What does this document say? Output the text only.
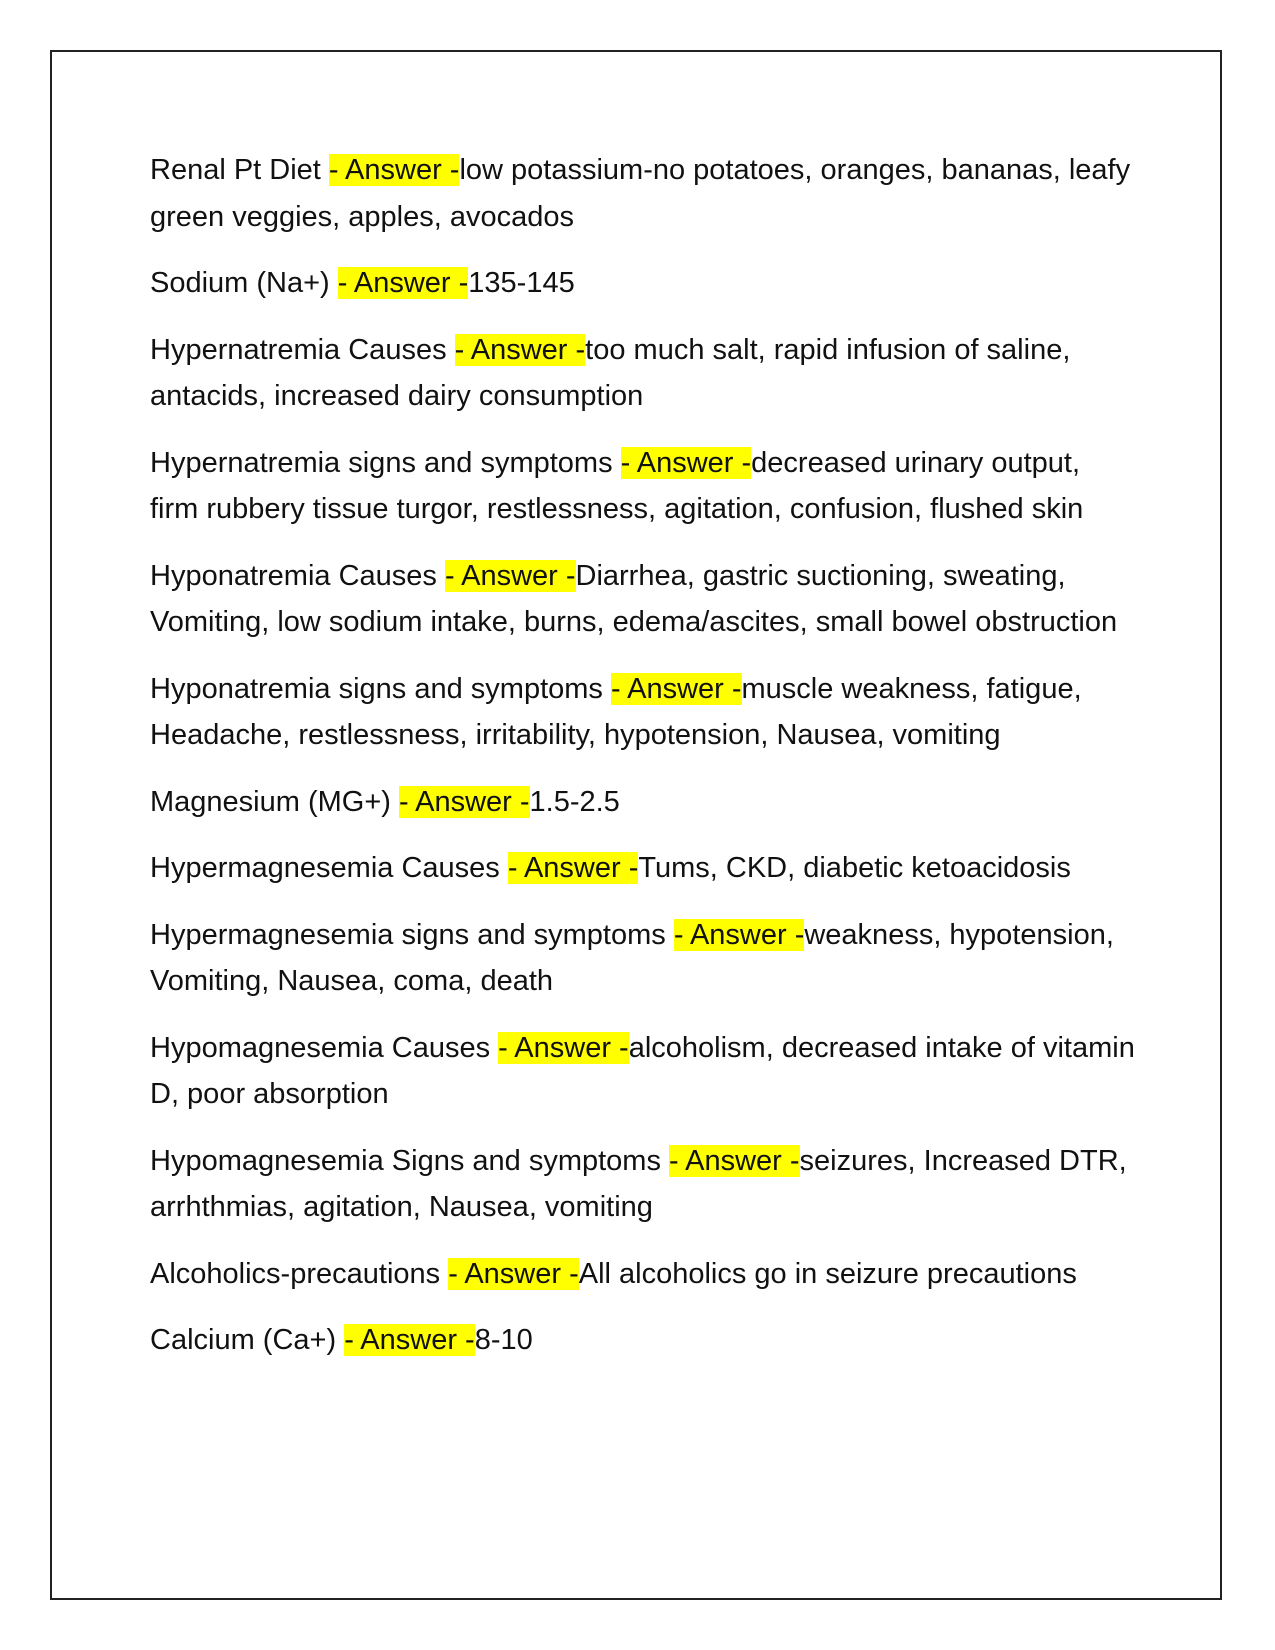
Renal Pt Diet - Answer -low potassium-no potatoes, oranges, bananas, leafy green veggies, apples, avocados

Sodium (Na+) - Answer -135-145

Hypernatremia Causes - Answer -too much salt, rapid infusion of saline, antacids, increased dairy consumption

Hypernatremia signs and symptoms - Answer -decreased urinary output, firm rubbery tissue turgor, restlessness, agitation, confusion, flushed skin

Hyponatremia Causes - Answer -Diarrhea, gastric suctioning, sweating, Vomiting, low sodium intake, burns, edema/ascites, small bowel obstruction

Hyponatremia signs and symptoms - Answer -muscle weakness, fatigue, Headache, restlessness, irritability, hypotension, Nausea, vomiting

Magnesium (MG+) - Answer -1.5-2.5

Hypermagnesemia Causes - Answer -Tums, CKD, diabetic ketoacidosis

Hypermagnesemia signs and symptoms - Answer -weakness, hypotension, Vomiting, Nausea, coma, death

Hypomagnesemia Causes - Answer -alcoholism, decreased intake of vitamin D, poor absorption

Hypomagnesemia Signs and symptoms - Answer -seizures, Increased DTR, arrhthmias, agitation, Nausea, vomiting

Alcoholics-precautions - Answer -All alcoholics go in seizure precautions

Calcium (Ca+) - Answer -8-10
